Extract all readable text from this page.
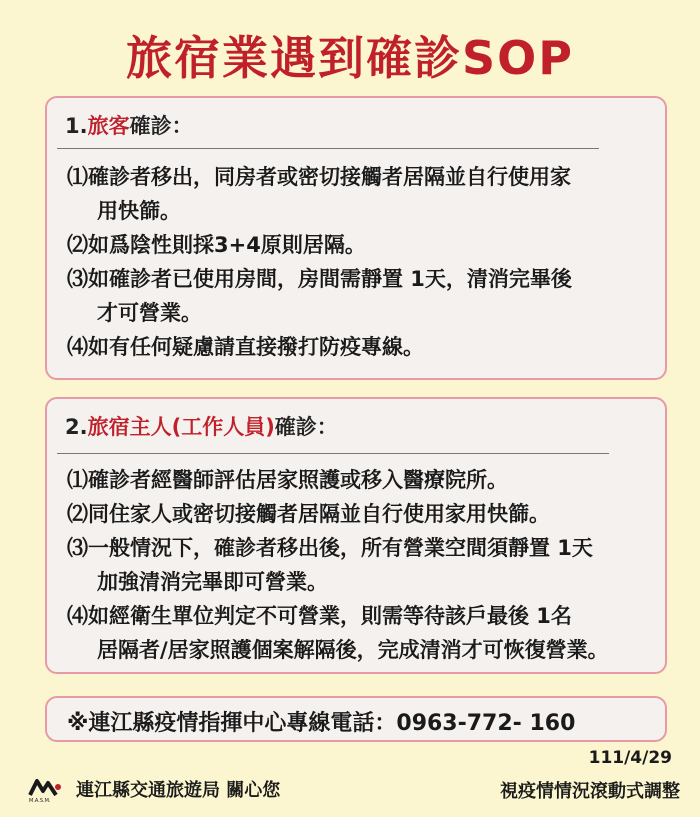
旅宿業遇到確診SOP
1.旅客確診：
⑴確診者移出，同房者或密切接觸者居隔並自行使用家
用快篩。
⑵如爲陰性則採3+4原則居隔。
⑶如確診者已使用房間，房間需靜置 1天，清消完畢後
才可營業。
⑷如有任何疑慮請直接撥打防疫專線。
2.旅宿主人(工作人員)確診：
⑴確診者經醫師評估居家照護或移入醫療院所。
⑵同住家人或密切接觸者居隔並自行使用家用快篩。
⑶一般情況下，確診者移出後，所有營業空間須靜置 1天
加強清消完畢即可營業。
⑷如經衛生單位判定不可營業，則需等待該戶最後 1名
居隔者/居家照護個案解隔後，完成清消才可恢復營業。
※連江縣疫情指揮中心專線電話：0963-772- 160
111/4/29
視疫情情況滾動式調整
M.A.S.M. 連江縣交通旅遊局 關心您
